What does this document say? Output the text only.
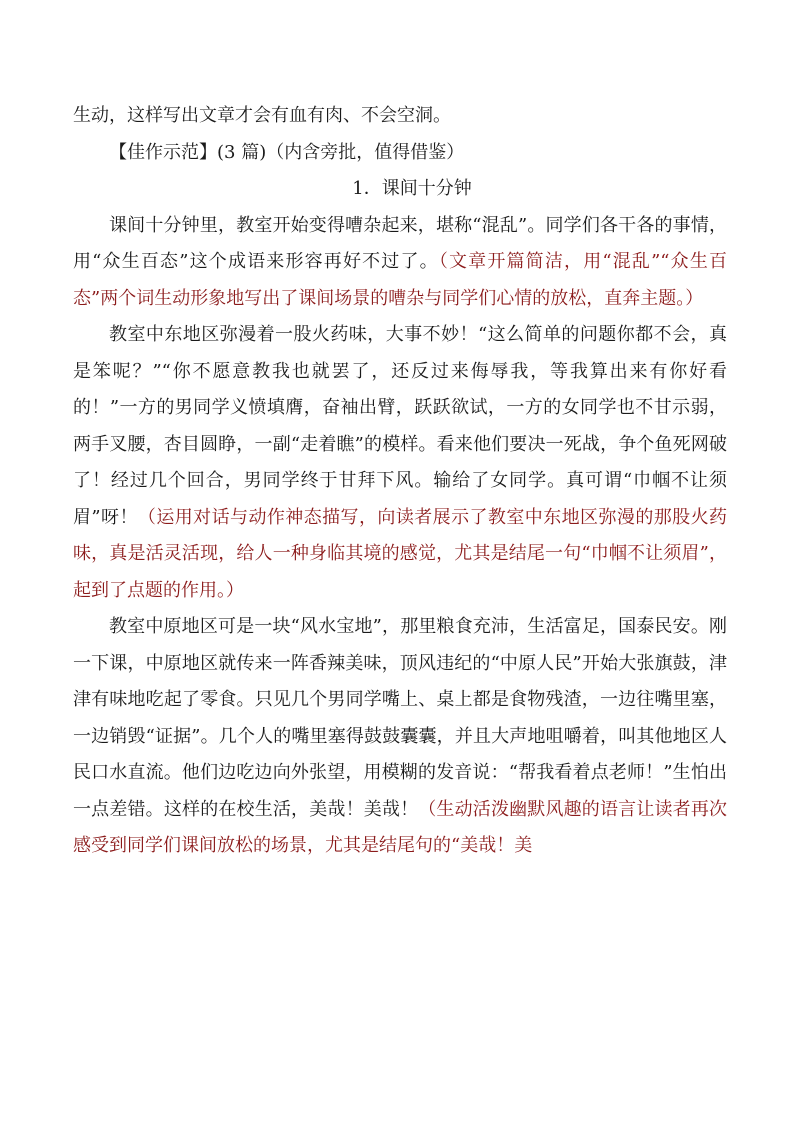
生动，这样写出文章才会有血有肉、不会空洞。

【佳作示范】(3 篇)（内含旁批，值得借鉴）

1．课间十分钟

课间十分钟里，教室开始变得嘈杂起来，堪称“混乱”。同学们各干各的事情，用“众生百态”这个成语来形容再好不过了。（文章开篇简洁，用“混乱”“众生百态”两个词生动形象地写出了课间场景的嘈杂与同学们心情的放松，直奔主题。）

教室中东地区弥漫着一股火药味，大事不妙！“这么简单的问题你都不会，真是笨呢？”“你不愿意教我也就罢了，还反过来侮辱我，等我算出来有你好看的！”一方的男同学义愤填膺，奋袖出臂，跃跃欲试，一方的女同学也不甘示弱，两手叉腰，杏目圆睁，一副“走着瞧”的模样。看来他们要决一死战，争个鱼死网破了！经过几个回合，男同学终于甘拜下风。输给了女同学。真可谓“巾帼不让须眉”呀！（运用对话与动作神态描写，向读者展示了教室中东地区弥漫的那股火药味，真是活灵活现，给人一种身临其境的感觉，尤其是结尾一句“巾帼不让须眉”，起到了点题的作用。）

教室中原地区可是一块“风水宝地”，那里粮食充沛，生活富足，国泰民安。刚一下课，中原地区就传来一阵香辣美味，顶风违纪的“中原人民”开始大张旗鼓，津津有味地吃起了零食。只见几个男同学嘴上、桌上都是食物残渣，一边往嘴里塞，一边销毁“证据”。几个人的嘴里塞得鼓鼓囊囊，并且大声地咀嚼着，叫其他地区人民口水直流。他们边吃边向外张望，用模糊的发音说：“帮我看着点老师！”生怕出一点差错。这样的在校生活，美哉！美哉！（生动活泼幽默风趣的语言让读者再次感受到同学们课间放松的场景，尤其是结尾句的“美哉！美
